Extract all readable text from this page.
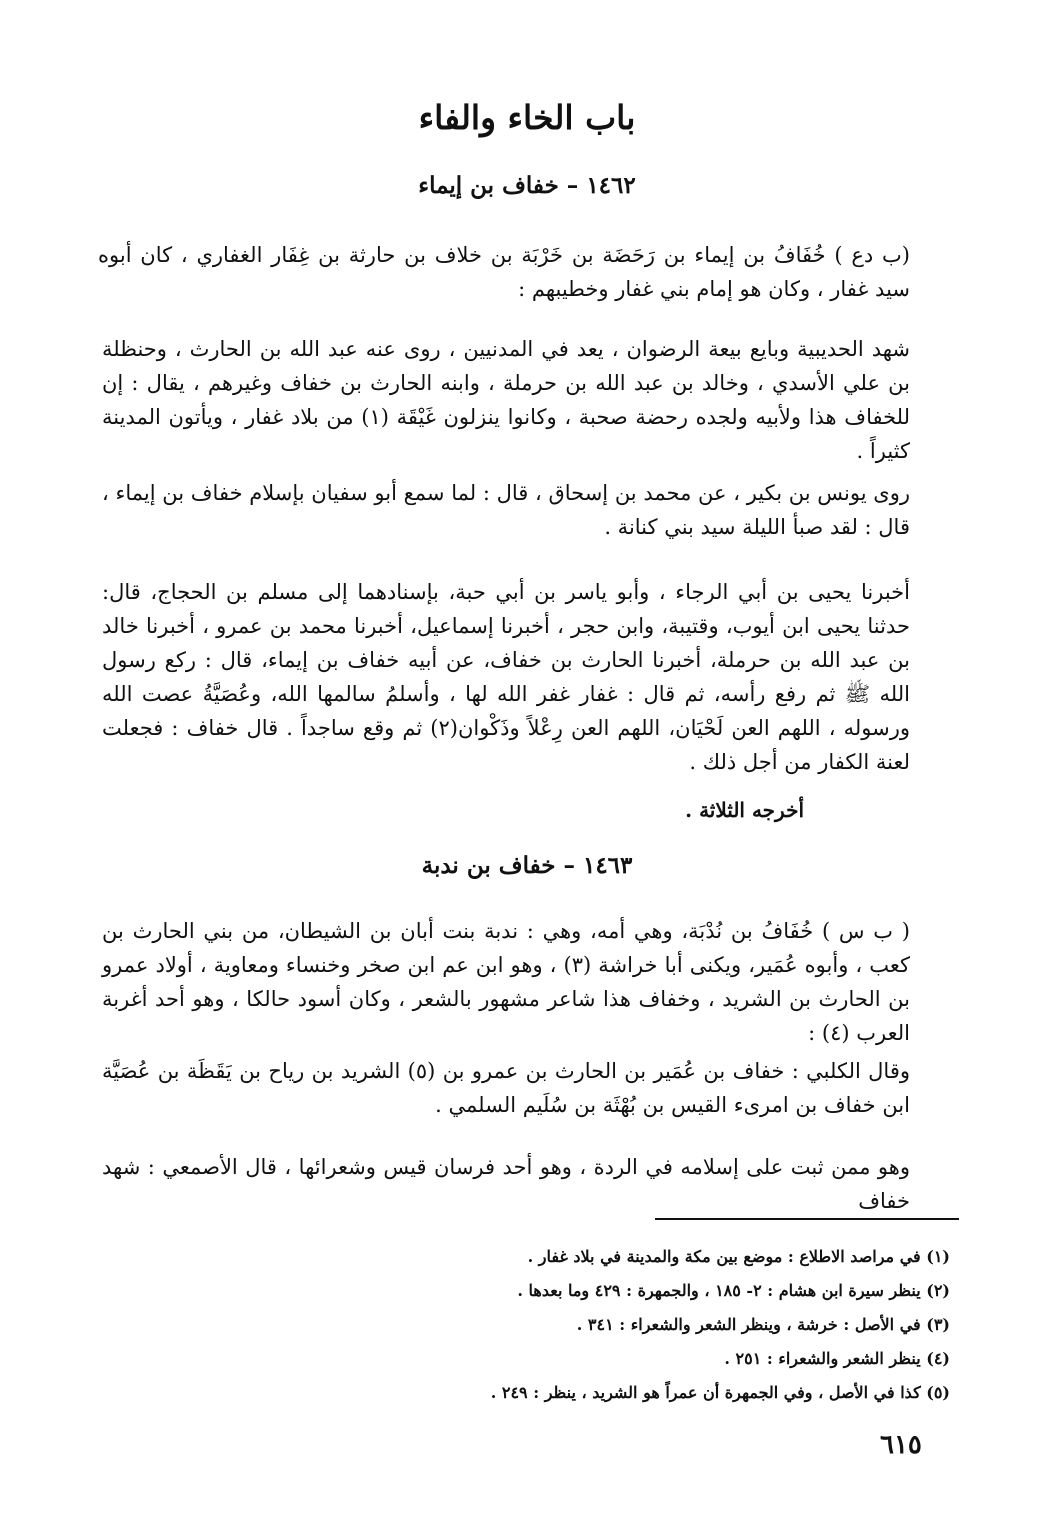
باب الخاء والفاء
١٤٦٢ – خفاف بن إيماء
(ب دع ) خُفَافُ بن إيماء بن رَحَضَة بن خَرْبَة بن خلاف بن حارثة بن غِفَار الغفاري ، كان أبوه سيد غفار ، وكان هو إمام بني غفار وخطيبهم :
شهد الحديبية وبايع بيعة الرضوان ، يعد في المدنيين ، روى عنه عبد الله بن الحارث ، وحنظلة بن علي الأسدي ، وخالد بن عبد الله بن حرملة ، وابنه الحارث بن خفاف وغيرهم ، يقال : إن للخفاف هذا ولأبيه ولجده رحضة صحبة ، وكانوا ينزلون غَيْقَة (١) من بلاد غفار ، ويأتون المدينة كثيراً .
روى يونس بن بكير ، عن محمد بن إسحاق ، قال : لما سمع أبو سفيان بإسلام خفاف بن إيماء ، قال : لقد صبأ الليلة سيد بني كنانة .
أخبرنا يحيى بن أبي الرجاء ، وأبو ياسر بن أبي حبة، بإسنادهما إلى مسلم بن الحجاج، قال: حدثنا يحيى ابن أيوب، وقتيبة، وابن حجر ، أخبرنا إسماعيل، أخبرنا محمد بن عمرو ، أخبرنا خالد بن عبد الله بن حرملة، أخبرنا الحارث بن خفاف، عن أبيه خفاف بن إيماء، قال : ركع رسول الله ﷺ ثم رفع رأسه، ثم قال : غفار غفر الله لها ، وأسلمُ سالمها الله، وعُصَيَّةُ عصت الله ورسوله ، اللهم العن لَحْيَان، اللهم العن رِعْلاً وذَكْوان(٢) ثم وقع ساجداً . قال خفاف : فجعلت لعنة الكفار من أجل ذلك .
أخرجه الثلاثة .
١٤٦٣ – خفاف بن ندبة
( ب س ) خُفَافُ بن نُدْبَة، وهي أمه، وهي : ندبة بنت أبان بن الشيطان، من بني الحارث بن كعب ، وأبوه عُمَير، ويكنى أبا خراشة (٣) ، وهو ابن عم ابن صخر وخنساء ومعاوية ، أولاد عمرو بن الحارث بن الشريد ، وخفاف هذا شاعر مشهور بالشعر ، وكان أسود حالكا ، وهو أحد أغربة العرب (٤) :
وقال الكلبي : خفاف بن عُمَير بن الحارث بن عمرو بن (٥) الشريد بن رياح بن يَقَظَة بن عُصَيَّة ابن خفاف بن امرىء القيس بن بُهْثَة بن سُلَيم السلمي .
وهو ممن ثبت على إسلامه في الردة ، وهو أحد فرسان قيس وشعرائها ، قال الأصمعي : شهد خفاف
(١) في مراصد الاطلاع : موضع بين مكة والمدينة في بلاد غفار .
(٢) ينظر سيرة ابن هشام : ٢- ١٨٥ ، والجمهرة : ٤٢٩ وما بعدها .
(٣) في الأصل : خرشة ، وينظر الشعر والشعراء : ٣٤١ .
(٤) ينظر الشعر والشعراء : ٢٥١ .
(٥) كذا في الأصل ، وفي الجمهرة أن عمراً هو الشريد ، ينظر : ٢٤٩ .
٦١٥
